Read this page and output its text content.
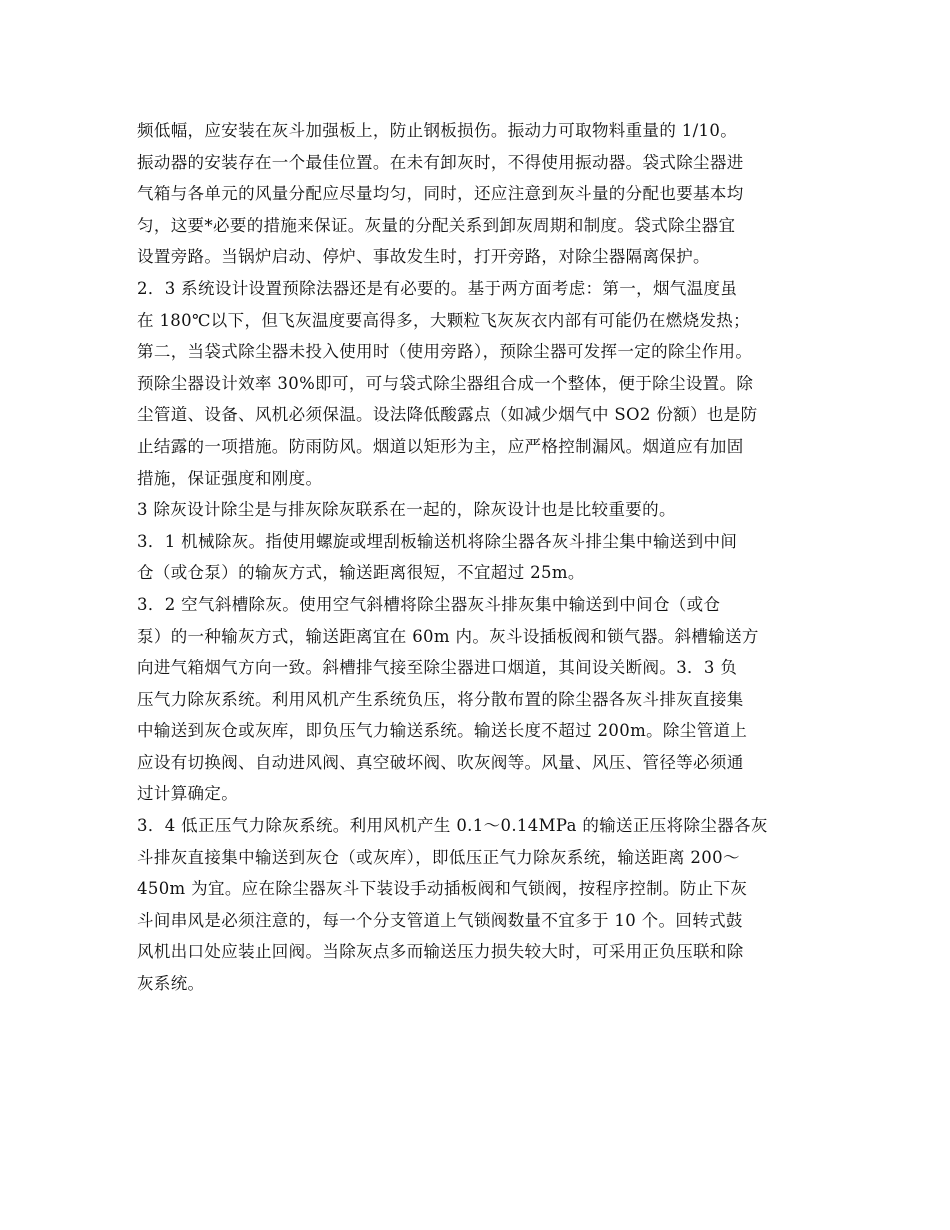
频低幅，应安装在灰斗加强板上，防止钢板损伤。振动力可取物料重量的 1/10。
振动器的安装存在一个最佳位置。在未有卸灰时，不得使用振动器。袋式除尘器进
气箱与各单元的风量分配应尽量均匀，同时，还应注意到灰斗量的分配也要基本均
匀，这要*必要的措施来保证。灰量的分配关系到卸灰周期和制度。袋式除尘器宜
设置旁路。当锅炉启动、停炉、事故发生时，打开旁路，对除尘器隔离保护。
2．3 系统设计设置预除法器还是有必要的。基于两方面考虑：第一，烟气温度虽
在 180℃以下，但飞灰温度要高得多，大颗粒飞灰灰衣内部有可能仍在燃烧发热；
第二，当袋式除尘器未投入使用时（使用旁路），预除尘器可发挥一定的除尘作用。
预除尘器设计效率 30%即可，可与袋式除尘器组合成一个整体，便于除尘设置。除
尘管道、设备、风机必须保温。设法降低酸露点（如减少烟气中 SO2 份额）也是防
止结露的一项措施。防雨防风。烟道以矩形为主，应严格控制漏风。烟道应有加固
措施，保证强度和刚度。
3 除灰设计除尘是与排灰除灰联系在一起的，除灰设计也是比较重要的。
3．1 机械除灰。指使用螺旋或埋刮板输送机将除尘器各灰斗排尘集中输送到中间
仓（或仓泵）的输灰方式，输送距离很短，不宜超过 25m。
3．2 空气斜槽除灰。使用空气斜槽将除尘器灰斗排灰集中输送到中间仓（或仓
泵）的一种输灰方式，输送距离宜在 60m 内。灰斗设插板阀和锁气器。斜槽输送方
向进气箱烟气方向一致。斜槽排气接至除尘器进口烟道，其间设关断阀。3．3 负
压气力除灰系统。利用风机产生系统负压，将分散布置的除尘器各灰斗排灰直接集
中输送到灰仓或灰库，即负压气力输送系统。输送长度不超过 200m。除尘管道上
应设有切换阀、自动进风阀、真空破坏阀、吹灰阀等。风量、风压、管径等必须通
过计算确定。
3．4 低正压气力除灰系统。利用风机产生 0.1～0.14MPa 的输送正压将除尘器各灰
斗排灰直接集中输送到灰仓（或灰库），即低压正气力除灰系统，输送距离 200～
450m 为宜。应在除尘器灰斗下装设手动插板阀和气锁阀，按程序控制。防止下灰
斗间串风是必须注意的，每一个分支管道上气锁阀数量不宜多于 10 个。回转式鼓
风机出口处应装止回阀。当除灰点多而输送压力损失较大时，可采用正负压联和除
灰系统。
